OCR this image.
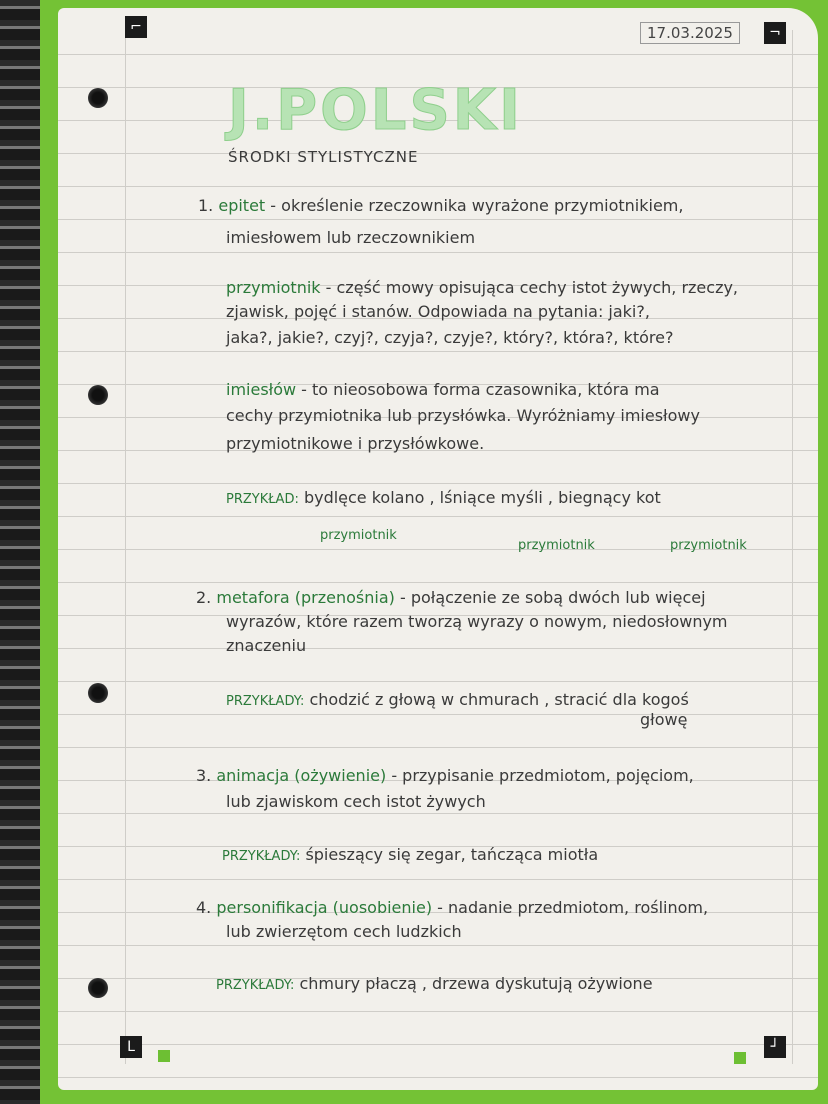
⌐	¬
L	┘
17.03.2025
J.POLSKI
ŚRODKI STYLISTYCZNE
1. epitet - określenie rzeczownika wyrażone przymiotnikiem,
imiesłowem lub rzeczownikiem
przymiotnik - część mowy opisująca cechy istot żywych, rzeczy,
zjawisk, pojęć i stanów. Odpowiada na pytania: jaki?,
jaka?, jakie?, czyj?, czyja?, czyje?, który?, która?, które?
imiesłów - to nieosobowa forma czasownika, która ma
cechy przymiotnika lub przysłówka. Wyróżniamy imiesłowy
przymiotnikowe i przysłówkowe.
PRZYKŁAD: bydlęce kolano , lśniące myśli , biegnący kot
przymiotnik
przymiotnik	przymiotnik
2. metafora (przenośnia) - połączenie ze sobą dwóch lub więcej
wyrazów, które razem tworzą wyrazy o nowym, niedosłownym
znaczeniu
PRZYKŁADY: chodzić z głową w chmurach , stracić dla kogoś
głowę
3. animacja (ożywienie) - przypisanie przedmiotom, pojęciom,
lub zjawiskom cech istot żywych
PRZYKŁADY: śpieszący się zegar, tańcząca miotła
4. personifikacja (uosobienie) - nadanie przedmiotom, roślinom,
lub zwierzętom cech ludzkich
PRZYKŁADY: chmury płaczą , drzewa dyskutują ożywione
